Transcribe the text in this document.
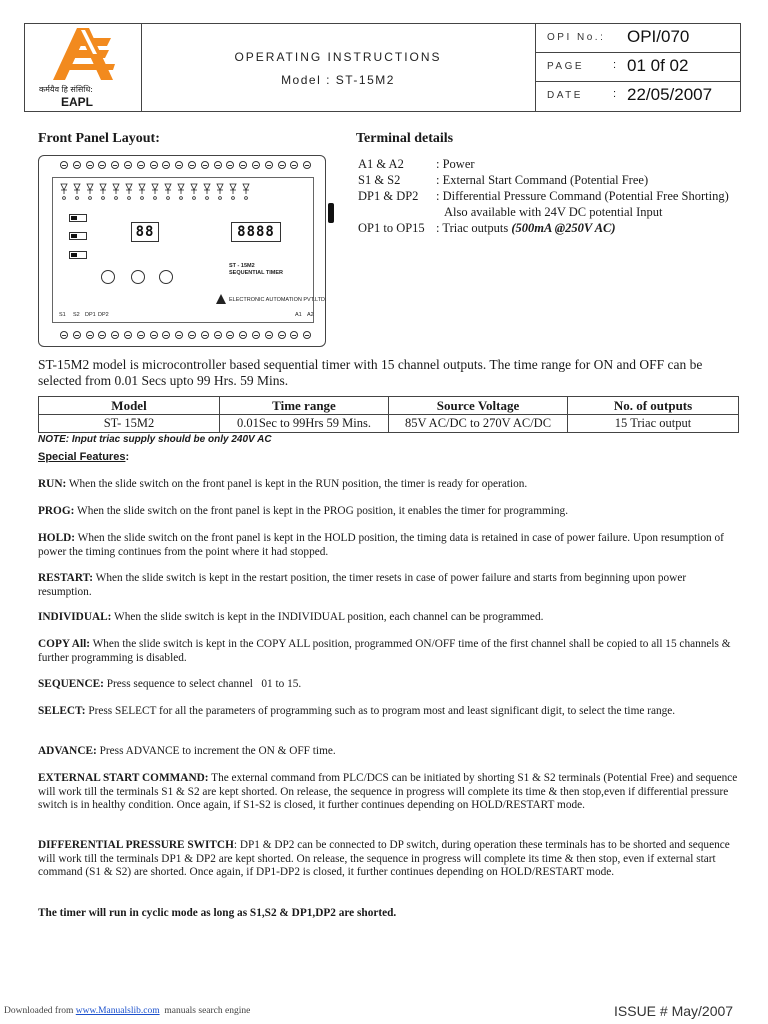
कर्मयैव हि संसिधि:
EAPL
OPERATING INSTRUCTIONS
Model : ST-15M2
OPI No.: OPI/070
PAGE	: 01 0f 02
DATE	: 22/05/2007
Front Panel Layout:
88	8888
ST - 15M2
SEQUENTIAL TIMER
ELECTRONIC AUTOMATION PVT.LTD.
S1 S2 DP1 DP2	A1 A2
Terminal details
A1 & A2	: Power
S1 & S2	: External Start Command (Potential Free)
DP1 & DP2 : Differential Pressure Command (Potential Free Shorting)
Also available with 24V DC potential Input
OP1 to OP15 : Triac outputs (500mA @250V AC)
ST-15M2 model is microcontroller based sequential timer with 15 channel outputs. The time range for ON and OFF can be selected from 0.01 Secs upto 99 Hrs. 59 Mins.
Model	Time range	Source Voltage	No. of outputs
ST- 15M2	0.01Sec to 99Hrs 59 Mins.	85V AC/DC to 270V AC/DC	15 Triac output
NOTE: Input triac supply should be only 240V AC
Special Features:
RUN: When the slide switch on the front panel is kept in the RUN position, the timer is ready for operation.
PROG: When the slide switch on the front panel is kept in the PROG position, it enables the timer for programming.
HOLD: When the slide switch on the front panel is kept in the HOLD position, the timing data is retained in case of power failure. Upon resumption of power the timing continues from the point where it had stopped.
RESTART: When the slide switch is kept in the restart position, the timer resets in case of power failure and starts from beginning upon power resumption.
INDIVIDUAL: When the slide switch is kept in the INDIVIDUAL position, each channel can be programmed.
COPY All: When the slide switch is kept in the COPY ALL position, programmed ON/OFF time of the first channel shall be copied to all 15 channels & further programming is disabled.
SEQUENCE: Press sequence to select channel   01 to 15.
SELECT: Press SELECT for all the parameters of programming such as to program most and least significant digit, to select the time range.
ADVANCE: Press ADVANCE to increment the ON & OFF time.
EXTERNAL START COMMAND: The external command from PLC/DCS can be initiated by shorting S1 & S2 terminals (Potential Free) and sequence will work till the terminals S1 & S2 are kept shorted. On release, the sequence in progress will complete its time & then stop,even if differential pressure switch is in healthy condition. Once again, if S1-S2 is closed, it further continues depending on HOLD/RESTART mode.
DIFFERENTIAL PRESSURE SWITCH: DP1 & DP2 can be connected to DP switch, during operation these terminals has to be shorted and sequence will work till the terminals DP1 & DP2 are kept shorted. On release, the sequence in progress will complete its time & then stop, even if external start command (S1 & S2) are shorted. Once again, if DP1-DP2 is closed, it further continues depending on HOLD/RESTART mode.
The timer will run in cyclic mode as long as S1,S2 & DP1,DP2 are shorted.
Downloaded from www.Manualslib.com  manuals search engine	ISSUE # May/2007
